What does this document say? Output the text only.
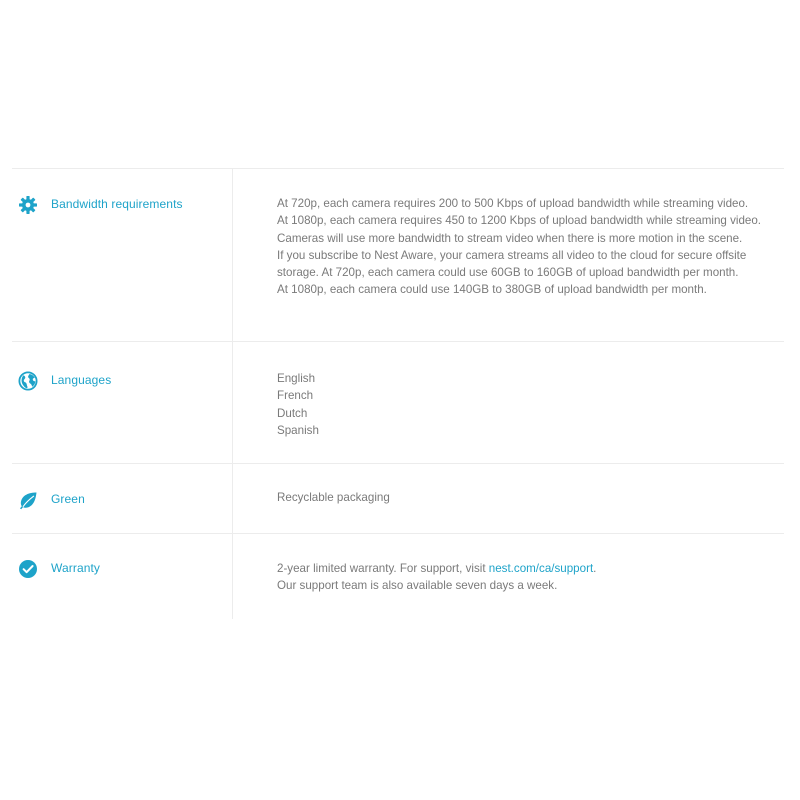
Bandwidth requirements	At 720p, each camera requires 200 to 500 Kbps of upload bandwidth while streaming video.

At 1080p, each camera requires 450 to 1200 Kbps of upload bandwidth while streaming video.

Cameras will use more bandwidth to stream video when there is more motion in the scene.

If you subscribe to Nest Aware, your camera streams all video to the cloud for secure offsite storage. At 720p, each camera could use 60GB to 160GB of upload bandwidth per month.

At 1080p, each camera could use 140GB to 380GB of upload bandwidth per month.

Languages	English

French

Dutch

Spanish

Green	Recyclable packaging

Warranty	2-year limited warranty. For support, visit nest.com/ca/support.

Our support team is also available seven days a week.
